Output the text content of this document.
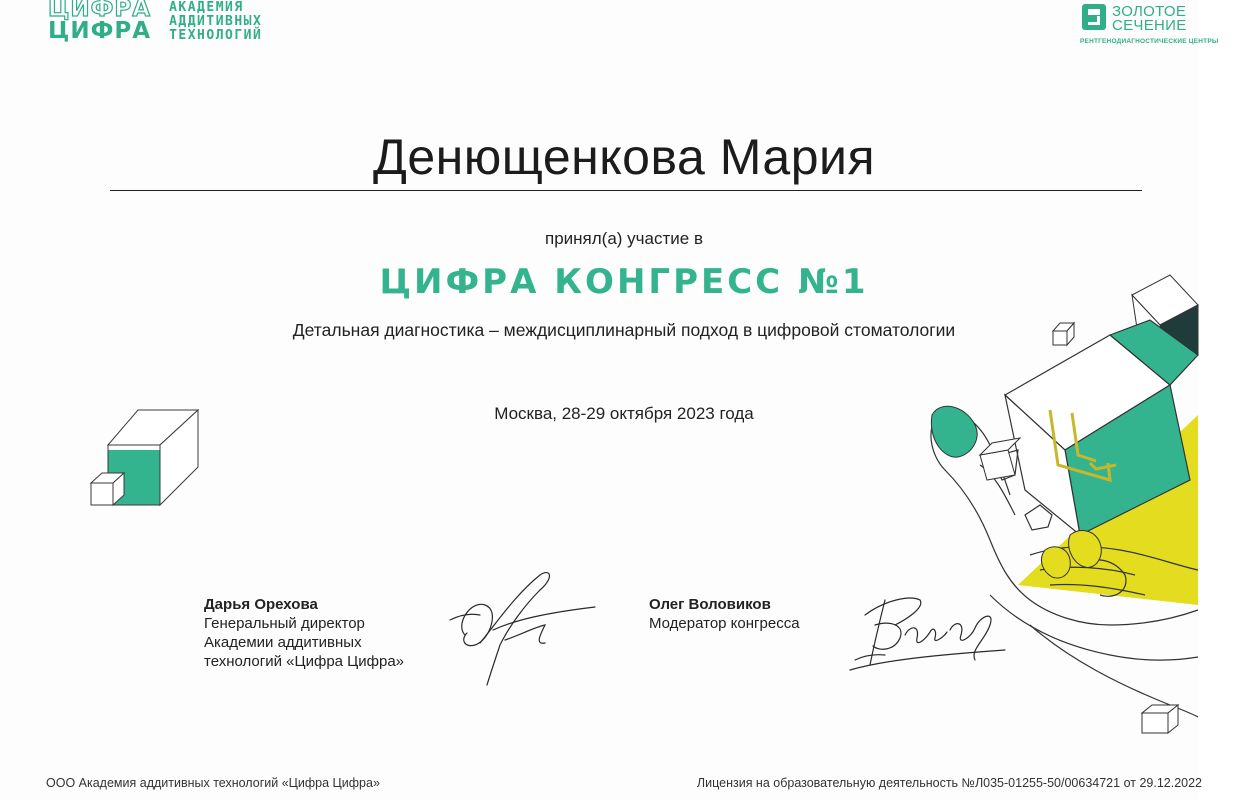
ЦИФРА
ЦИФРА
АКАДЕМИЯ
АДДИТИВНЫХ
ТЕХНОЛОГИЙ
ЗОЛОТОЕ
СЕЧЕНИЕ
РЕНТГЕНОДИАГНОСТИЧЕСКИЕ ЦЕНТРЫ
Денющенкова Мария
принял(а) участие в
ЦИФРА КОНГРЕСС №1
Детальная диагностика – междисциплинарный подход в цифровой стоматологии
Москва, 28-29 октября 2023 года
Дарья Орехова
Генеральный директор
Академии аддитивных
технологий «Цифра Цифра»
Олег Воловиков
Модератор конгресса
ООО Академия аддитивных технологий «Цифра Цифра»	Лицензия на образовательную деятельность №Л035-01255-50/00634721 от 29.12.2022
